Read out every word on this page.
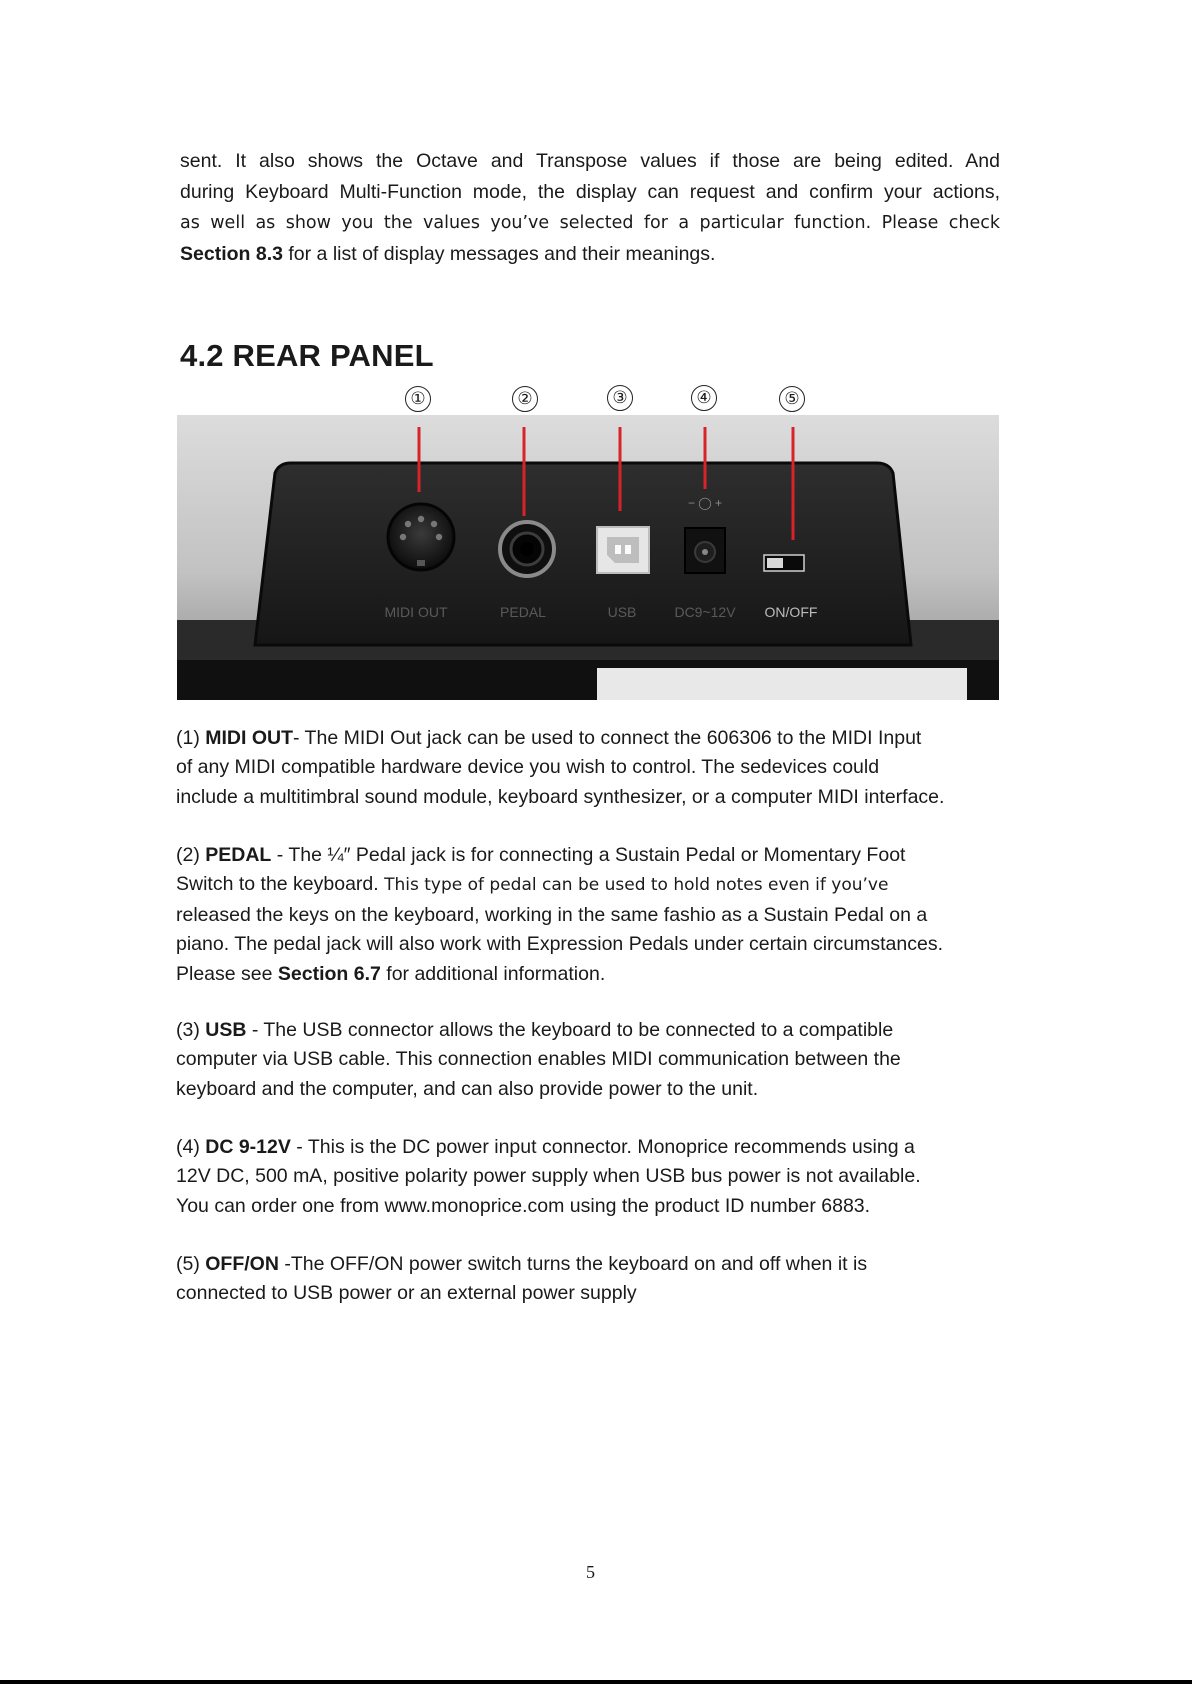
sent. It also shows the Octave and Transpose values if those are being edited. And
during Keyboard Multi-Function mode, the display can request and confirm your actions,
as well as show you the values you’ve selected for a particular function. Please check
Section 8.3 for a list of display messages and their meanings.
4.2 REAR PANEL
①	②	③	④	⑤
− ◯ +
MIDI OUT	PEDAL	USB	DC9~12V ON/OFF
(1) MIDI OUT- The MIDI Out jack can be used to connect the 606306 to the MIDI Input
of any MIDI compatible hardware device you wish to control. The sedevices could
include a multitimbral sound module, keyboard synthesizer, or a computer MIDI interface.
(2) PEDAL - The ¼″ Pedal jack is for connecting a Sustain Pedal or Momentary Foot
Switch to the keyboard. This type of pedal can be used to hold notes even if you’ve
released the keys on the keyboard, working in the same fashio as a Sustain Pedal on a
piano. The pedal jack will also work with Expression Pedals under certain circumstances.
Please see Section 6.7 for additional information.
(3) USB - The USB connector allows the keyboard to be connected to a compatible
computer via USB cable. This connection enables MIDI communication between the
keyboard and the computer, and can also provide power to the unit.
(4) DC 9-12V - This is the DC power input connector. Monoprice recommends using a
12V DC, 500 mA, positive polarity power supply when USB bus power is not available.
You can order one from www.monoprice.com using the product ID number 6883.
(5) OFF/ON -The OFF/ON power switch turns the keyboard on and off when it is
connected to USB power or an external power supply
5
